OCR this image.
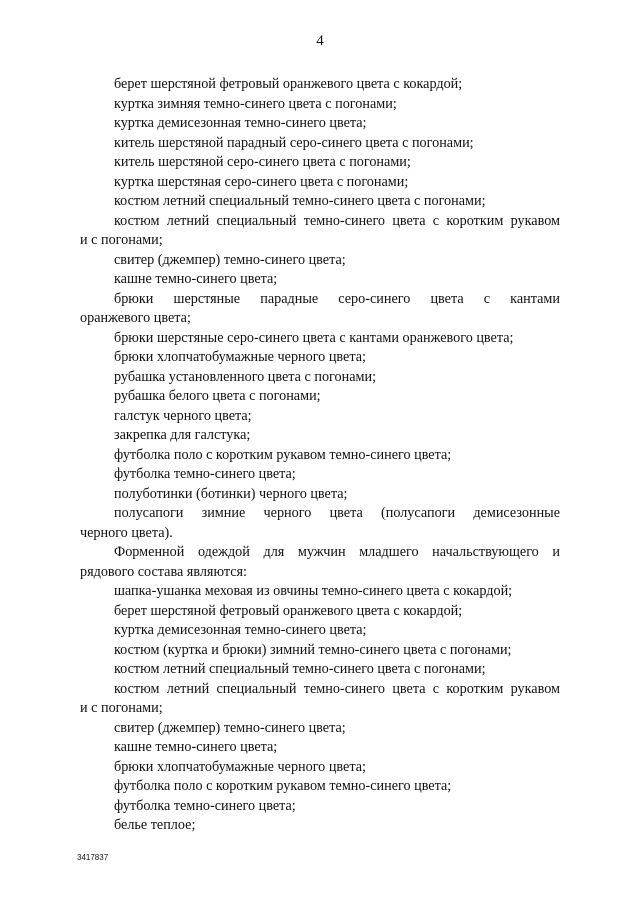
4
берет шерстяной фетровый оранжевого цвета с кокардой;
куртка зимняя темно-синего цвета с погонами;
куртка демисезонная темно-синего цвета;
китель шерстяной парадный серо-синего цвета с погонами;
китель шерстяной серо-синего цвета с погонами;
куртка шерстяная серо-синего цвета с погонами;
костюм летний специальный темно-синего цвета с погонами;
костюм летний специальный темно-синего цвета с коротким рукавом
и с погонами;
свитер (джемпер) темно-синего цвета;
кашне темно-синего цвета;
брюки шерстяные парадные серо-синего цвета с кантами
оранжевого цвета;
брюки шерстяные серо-синего цвета с кантами оранжевого цвета;
брюки хлопчатобумажные черного цвета;
рубашка установленного цвета с погонами;
рубашка белого цвета с погонами;
галстук черного цвета;
закрепка для галстука;
футболка поло с коротким рукавом темно-синего цвета;
футболка темно-синего цвета;
полуботинки (ботинки) черного цвета;
полусапоги зимние черного цвета (полусапоги демисезонные
черного цвета).
Форменной одеждой для мужчин младшего начальствующего и
рядового состава являются:
шапка-ушанка меховая из овчины темно-синего цвета с кокардой;
берет шерстяной фетровый оранжевого цвета с кокардой;
куртка демисезонная темно-синего цвета;
костюм (куртка и брюки) зимний темно-синего цвета с погонами;
костюм летний специальный темно-синего цвета с погонами;
костюм летний специальный темно-синего цвета с коротким рукавом
и с погонами;
свитер (джемпер) темно-синего цвета;
кашне темно-синего цвета;
брюки хлопчатобумажные черного цвета;
футболка поло с коротким рукавом темно-синего цвета;
футболка темно-синего цвета;
белье теплое;
3417837
